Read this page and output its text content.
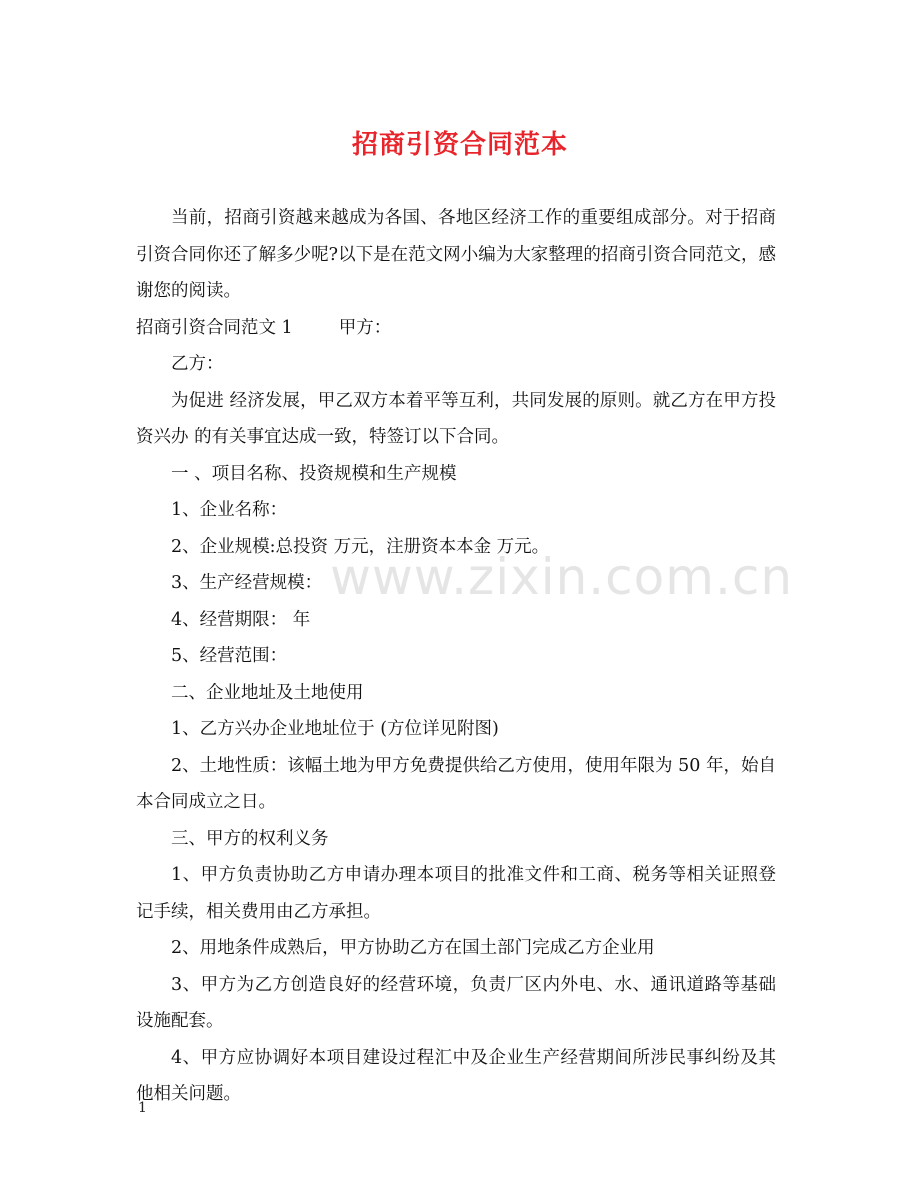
招商引资合同范本

当前，招商引资越来越成为各国、各地区经济工作的重要组成部分。对于招商引资合同你还了解多少呢?以下是在范文网小编为大家整理的招商引资合同范文，感谢您的阅读。

招商引资合同范文 1	甲方：

乙方：

为促进 经济发展，甲乙双方本着平等互利，共同发展的原则。就乙方在甲方投资兴办 的有关事宜达成一致，特签订以下合同。

一 、项目名称、投资规模和生产规模

1、企业名称：

2、企业规模:总投资 万元，注册资本本金 万元。

3、生产经营规模：

4、经营期限： 年

5、经营范围：

二、企业地址及土地使用

1、乙方兴办企业地址位于 (方位详见附图)

2、土地性质：该幅土地为甲方免费提供给乙方使用，使用年限为 50 年，始自本合同成立之日。

三、甲方的权利义务

1、甲方负责协助乙方申请办理本项目的批准文件和工商、税务等相关证照登记手续，相关费用由乙方承担。

2、用地条件成熟后，甲方协助乙方在国土部门完成乙方企业用

3、甲方为乙方创造良好的经营环境，负责厂区内外电、水、通讯道路等基础设施配套。

4、甲方应协调好本项目建设过程汇中及企业生产经营期间所涉民事纠纷及其他相关问题。

www.zixin.com.cn
1
